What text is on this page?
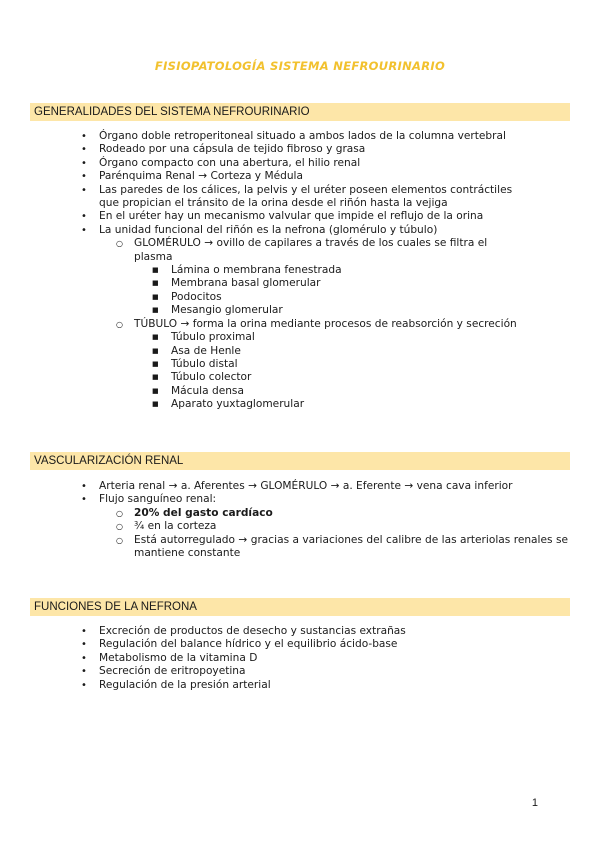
FISIOPATOLOGÍA SISTEMA NEFROURINARIO
GENERALIDADES DEL SISTEMA NEFROURINARIO
• Órgano doble retroperitoneal situado a ambos lados de la columna vertebral
• Rodeado por una cápsula de tejido fibroso y grasa
• Órgano compacto con una abertura, el hilio renal
• Parénquima Renal → Corteza y Médula
• Las paredes de los cálices, la pelvis y el uréter poseen elementos contráctiles que propician el tránsito de la orina desde el riñón hasta la vejiga
• En el uréter hay un mecanismo valvular que impide el reflujo de la orina
• La unidad funcional del riñón es la nefrona (glomérulo y túbulo)
○ GLOMÉRULO → ovillo de capilares a través de los cuales se filtra el plasma
■ Lámina o membrana fenestrada
■ Membrana basal glomerular
■ Podocitos
■ Mesangio glomerular
○ TÚBULO → forma la orina mediante procesos de reabsorción y secreción
■ Túbulo proximal
■ Asa de Henle
■ Túbulo distal
■ Túbulo colector
■ Mácula densa
■ Aparato yuxtaglomerular
VASCULARIZACIÓN RENAL
• Arteria renal → a. Aferentes → GLOMÉRULO → a. Eferente → vena cava inferior
• Flujo sanguíneo renal:
○ 20% del gasto cardíaco
○ ¾ en la corteza
○ Está autorregulado → gracias a variaciones del calibre de las arteriolas renales se mantiene constante
FUNCIONES DE LA NEFRONA
• Excreción de productos de desecho y sustancias extrañas
• Regulación del balance hídrico y el equilibrio ácido-base
• Metabolismo de la vitamina D
• Secreción de eritropoyetina
• Regulación de la presión arterial
1
